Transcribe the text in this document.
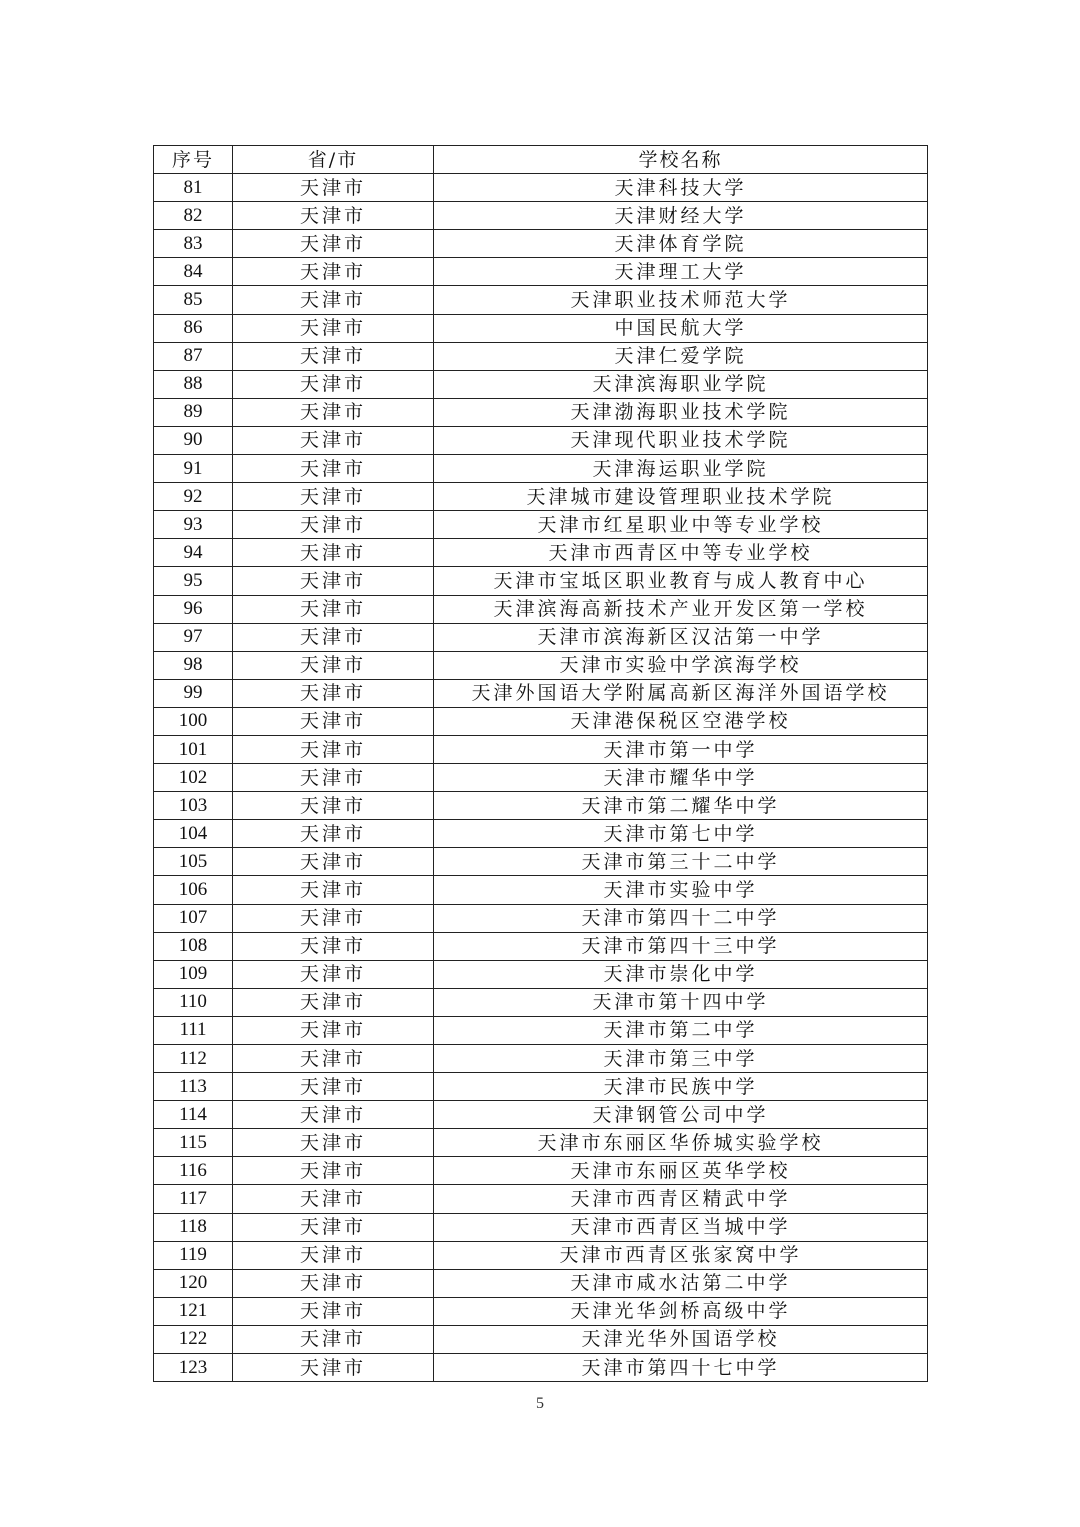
序号	省/市	学校名称
81	天津市	天津科技大学
82	天津市	天津财经大学
83	天津市	天津体育学院
84	天津市	天津理工大学
85	天津市	天津职业技术师范大学
86	天津市	中国民航大学
87	天津市	天津仁爱学院
88	天津市	天津滨海职业学院
89	天津市	天津渤海职业技术学院
90	天津市	天津现代职业技术学院
91	天津市	天津海运职业学院
92	天津市	天津城市建设管理职业技术学院
93	天津市	天津市红星职业中等专业学校
94	天津市	天津市西青区中等专业学校
95	天津市	天津市宝坻区职业教育与成人教育中心
96	天津市	天津滨海高新技术产业开发区第一学校
97	天津市	天津市滨海新区汉沽第一中学
98	天津市	天津市实验中学滨海学校
99	天津市	天津外国语大学附属高新区海洋外国语学校
100	天津市	天津港保税区空港学校
101	天津市	天津市第一中学
102	天津市	天津市耀华中学
103	天津市	天津市第二耀华中学
104	天津市	天津市第七中学
105	天津市	天津市第三十二中学
106	天津市	天津市实验中学
107	天津市	天津市第四十二中学
108	天津市	天津市第四十三中学
109	天津市	天津市崇化中学
110	天津市	天津市第十四中学
111	天津市	天津市第二中学
112	天津市	天津市第三中学
113	天津市	天津市民族中学
114	天津市	天津钢管公司中学
115	天津市	天津市东丽区华侨城实验学校
116	天津市	天津市东丽区英华学校
117	天津市	天津市西青区精武中学
118	天津市	天津市西青区当城中学
119	天津市	天津市西青区张家窝中学
120	天津市	天津市咸水沽第二中学
121	天津市	天津光华剑桥高级中学
122	天津市	天津光华外国语学校
123	天津市	天津市第四十七中学
5
